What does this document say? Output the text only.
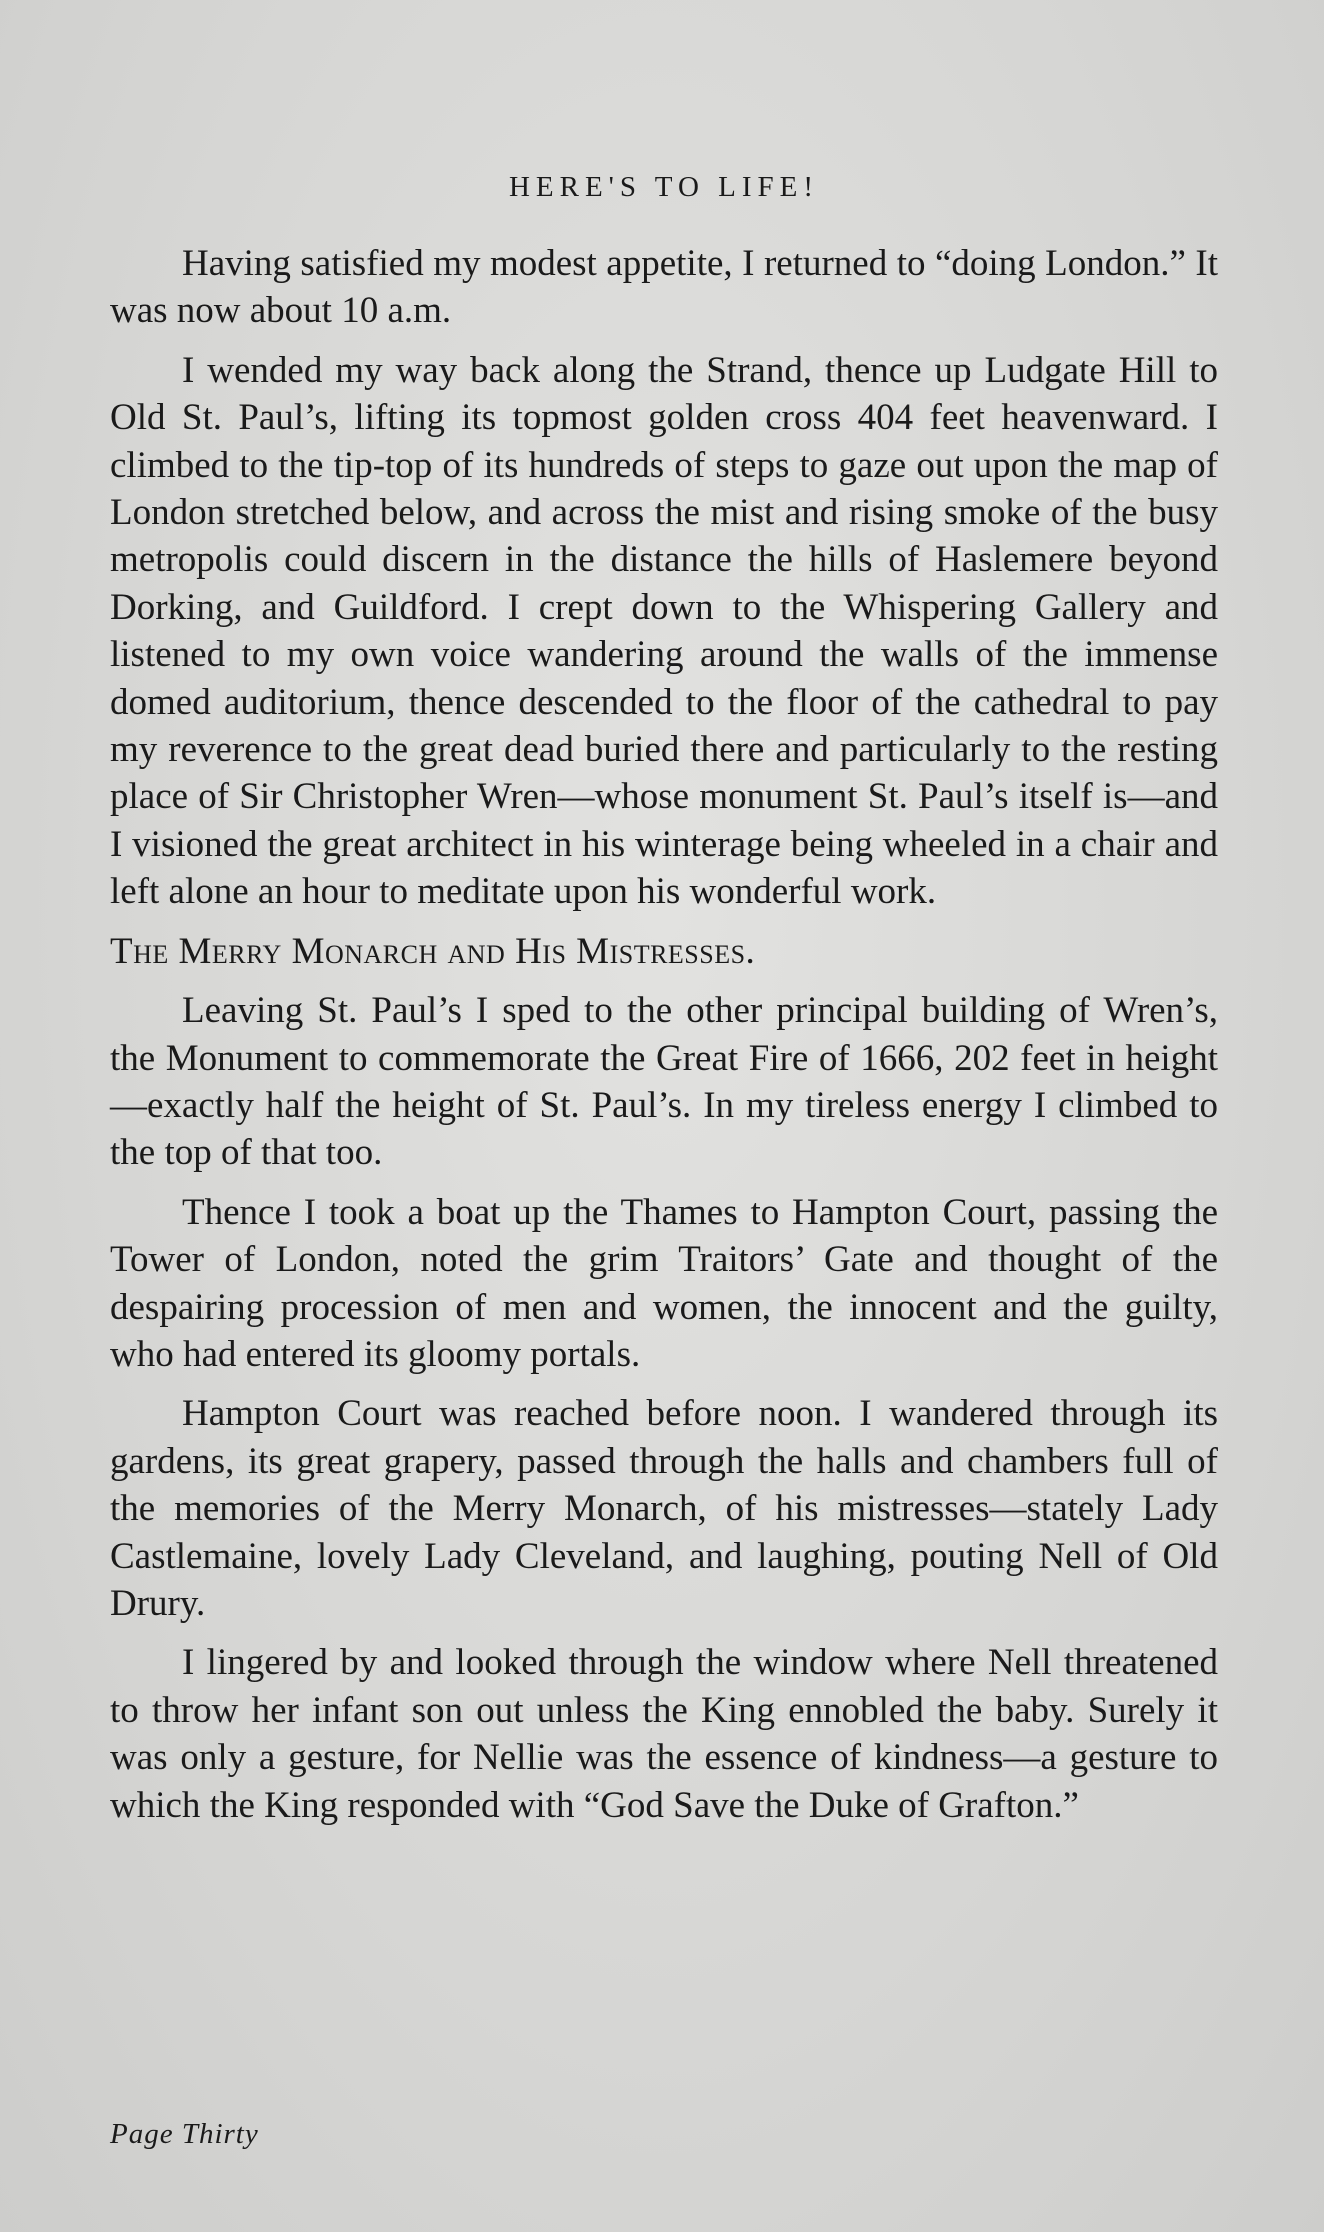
HERE'S TO LIFE!

Having satisfied my modest appetite, I returned to “doing London.” It was now about 10 a.m.

I wended my way back along the Strand, thence up Ludgate Hill to Old St. Paul’s, lifting its topmost golden cross 404 feet heavenward. I climbed to the tip-top of its hundreds of steps to gaze out upon the map of London stretched below, and across the mist and rising smoke of the busy metropolis could discern in the distance the hills of Haslemere beyond Dorking, and Guildford. I crept down to the Whispering Gallery and listened to my own voice wandering around the walls of the immense domed auditorium, thence descended to the floor of the cathedral to pay my reverence to the great dead buried there and particularly to the resting place of Sir Christopher Wren—whose monument St. Paul’s itself is—and I visioned the great architect in his winterage being wheeled in a chair and left alone an hour to meditate upon his wonderful work.

The Merry Monarch and His Mistresses.

Leaving St. Paul’s I sped to the other principal building of Wren’s, the Monument to commemorate the Great Fire of 1666, 202 feet in height—exactly half the height of St. Paul’s. In my tireless energy I climbed to the top of that too.

Thence I took a boat up the Thames to Hampton Court, passing the Tower of London, noted the grim Traitors’ Gate and thought of the despairing procession of men and women, the innocent and the guilty, who had entered its gloomy portals.

Hampton Court was reached before noon. I wandered through its gardens, its great grapery, passed through the halls and chambers full of the memories of the Merry Monarch, of his mistresses—stately Lady Castlemaine, lovely Lady Cleveland, and laughing, pouting Nell of Old Drury.

I lingered by and looked through the window where Nell threatened to throw her infant son out unless the King ennobled the baby. Surely it was only a gesture, for Nellie was the essence of kindness—a gesture to which the King responded with “God Save the Duke of Grafton.”

Page Thirty
